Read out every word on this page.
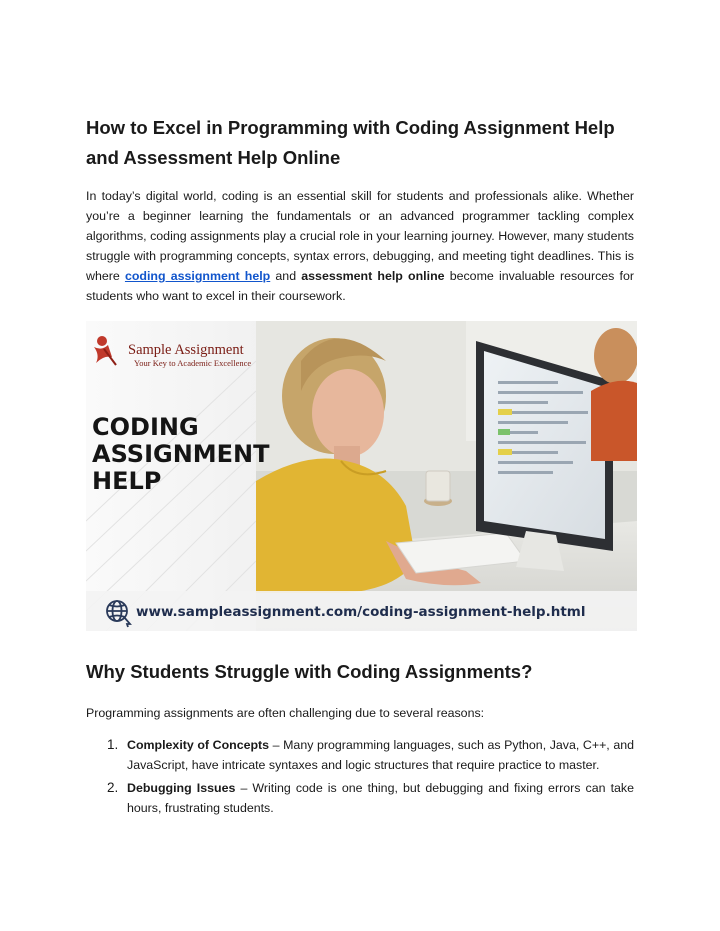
How to Excel in Programming with Coding Assignment Help and Assessment Help Online

In today’s digital world, coding is an essential skill for students and professionals alike. Whether you’re a beginner learning the fundamentals or an advanced programmer tackling complex algorithms, coding assignments play a crucial role in your learning journey. However, many students struggle with programming concepts, syntax errors, debugging, and meeting tight deadlines. This is where coding assignment help and assessment help online become invaluable resources for students who want to excel in their coursework.

Sample Assignment
Your Key to Academic Excellence
CODING
ASSIGNMENT
HELP
www.sampleassignment.com/coding-assignment-help.html
Why Students Struggle with Coding Assignments?

Programming assignments are often challenging due to several reasons:

1. Complexity of Concepts – Many programming languages, such as Python, Java, C++, and JavaScript, have intricate syntaxes and logic structures that require practice to master.
2. Debugging Issues – Writing code is one thing, but debugging and fixing errors can take hours, frustrating students.
